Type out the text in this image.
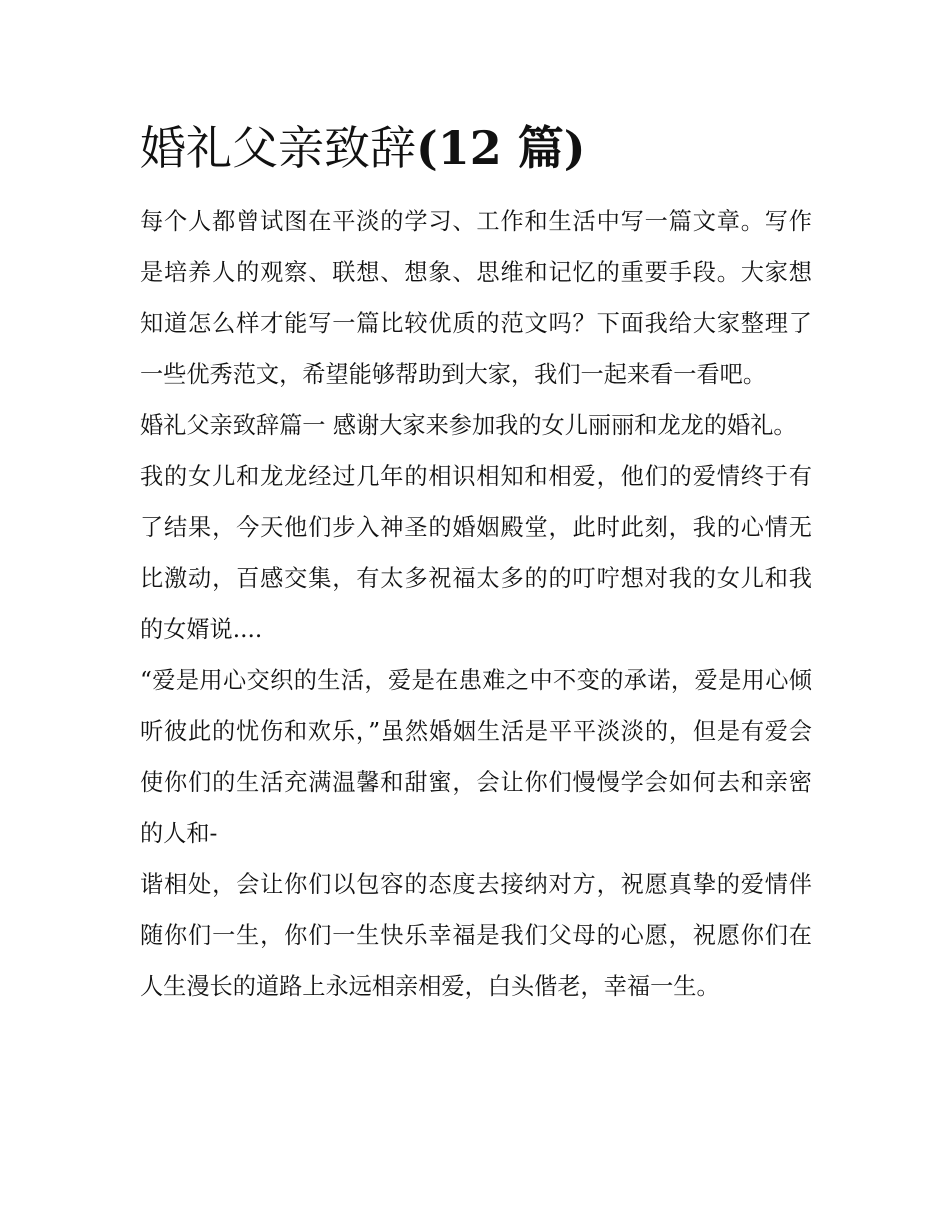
婚礼父亲致辞(12 篇)

每个人都曾试图在平淡的学习、工作和生活中写一篇文章。写作是培养人的观察、联想、想象、思维和记忆的重要手段。大家想知道怎么样才能写一篇比较优质的范文吗？下面我给大家整理了一些优秀范文，希望能够帮助到大家，我们一起来看一看吧。

婚礼父亲致辞篇一 感谢大家来参加我的女儿丽丽和龙龙的婚礼。

我的女儿和龙龙经过几年的相识相知和相爱，他们的爱情终于有了结果，今天他们步入神圣的婚姻殿堂，此时此刻，我的心情无比激动，百感交集，有太多祝福太多的的叮咛想对我的女儿和我的女婿说....

“爱是用心交织的生活，爱是在患难之中不变的承诺，爱是用心倾听彼此的忧伤和欢乐，”虽然婚姻生活是平平淡淡的，但是有爱会使你们的生活充满温馨和甜蜜，会让你们慢慢学会如何去和亲密的人和-

谐相处，会让你们以包容的态度去接纳对方，祝愿真挚的爱情伴随你们一生，你们一生快乐幸福是我们父母的心愿，祝愿你们在人生漫长的道路上永远相亲相爱，白头偕老，幸福一生。
